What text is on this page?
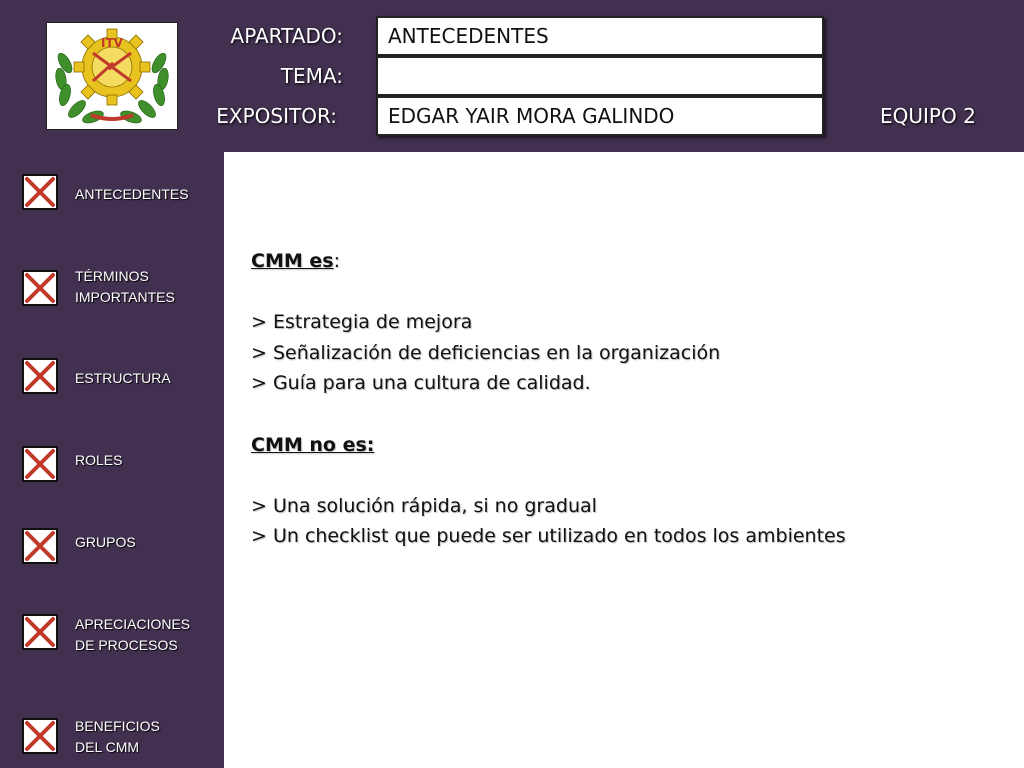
ITV	APARTADO:	ANTECEDENTES
TEMA:
EXPOSITOR:	EDGAR YAIR MORA GALINDO	EQUIPO 2
ANTECEDENTES
TÉRMINOS
IMPORTANTES
ESTRUCTURA
ROLES
GRUPOS
APRECIACIONES
DE PROCESOS
BENEFICIOS
DEL CMM
CMM es:
> Estrategia de mejora
> Señalización de deficiencias en la organización
> Guía para una cultura de calidad.
CMM no es:
> Una solución rápida, si no gradual
> Un checklist que puede ser utilizado en todos los ambientes
